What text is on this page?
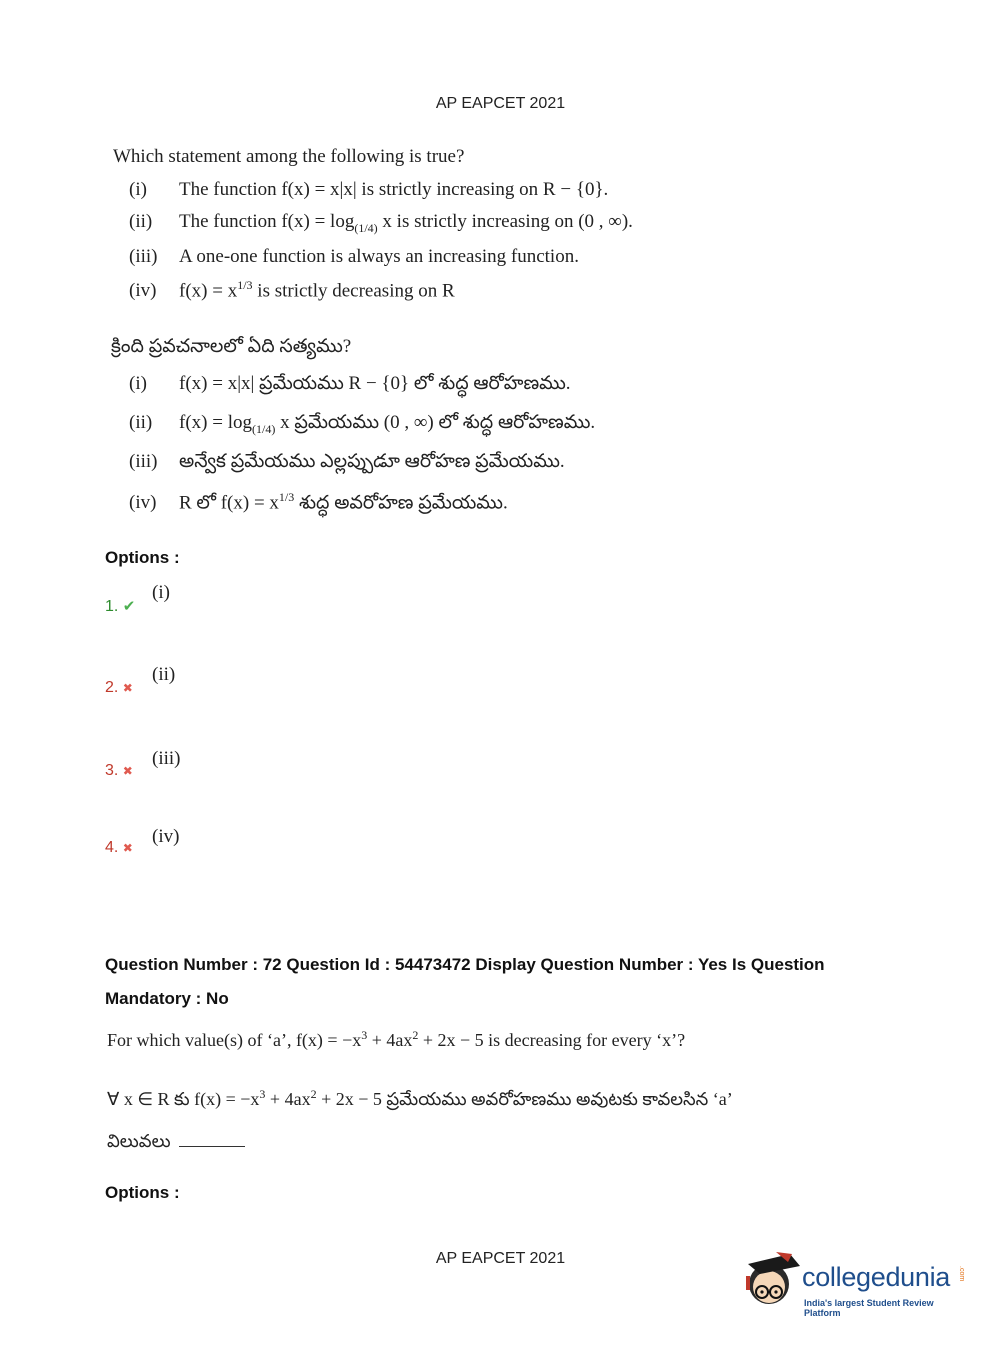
AP EAPCET 2021
Which statement among the following is true?
(i) The function f(x) = x|x| is strictly increasing on R − {0}.
(ii) The function $f(x) = \log_{(1/4)} x$ is strictly increasing on (0 , ∞).
(iii) A one-one function is always an increasing function.
(iv) $f(x) = x^{1/3}$ is strictly decreasing on R
క్రింది ప్రవచనాలలో ఏది సత్యము?
(i) f(x) = x|x| ప్రమేయము R − {0} లో శుద్ధ ఆరోహణము.
(ii) $f(x) = \log_{(1/4)} x$ ప్రమేయము (0 , ∞) లో శుద్ధ ఆరోహణము.
(iii) అన్వేక ప్రమేయము ఎల్లప్పుడూ ఆరోహణ ప్రమేయము.
(iv) R లో $f(x) = x^{1/3}$ శుద్ధ అవరోహణ ప్రమేయము.
Options :
1. ✔
(i)
2. ✖
(ii)
3. ✖
(iii)
4. ✖
(iv)
Question Number : 72 Question Id : 54473472 Display Question Number : Yes Is Question
Mandatory : No
For which value(s) of ‘a’, $f(x) = -x^3 + 4ax^2 + 2x - 5$ is decreasing for every ‘x’?
∀ x ∈ R కు $f(x) = -x^3 + 4ax^2 + 2x - 5$ ప్రమేయము అవరోహణము అవుటకు కావలసిన ‘a’
విలువలు
Options :
AP EAPCET 2021
collegedunia .com
India's largest Student Review Platform
